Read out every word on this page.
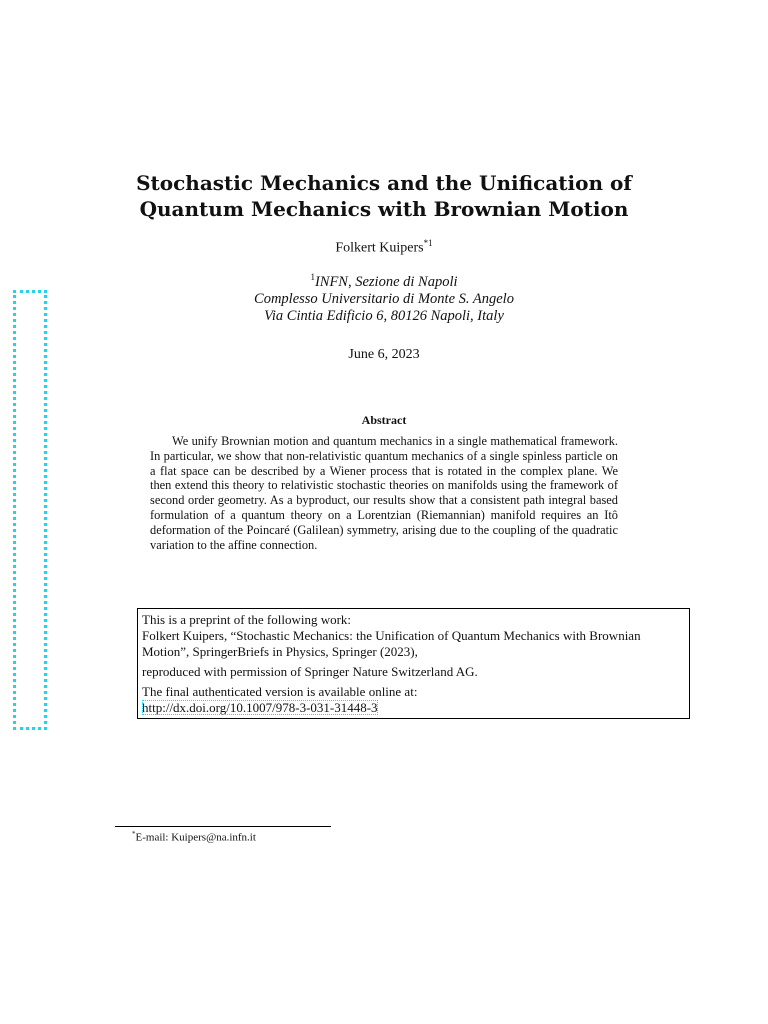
Stochastic Mechanics and the Unification of
Quantum Mechanics with Brownian Motion
Folkert Kuipers$^{*1}$
$^1$INFN, Sezione di Napoli
Complesso Universitario di Monte S. Angelo
Via Cintia Edificio 6, 80126 Napoli, Italy
June 6, 2023
Abstract
We unify Brownian motion and quantum mechanics in a single mathematical framework. In particular, we show that non-relativistic quantum mechanics of a single spinless particle on a flat space can be described by a Wiener process that is rotated in the complex plane. We then extend this theory to relativistic stochastic theories on manifolds using the framework of second order geometry. As a byproduct, our results show that a consistent path integral based formulation of a quantum theory on a Lorentzian (Riemannian) manifold requires an Itô deformation of the Poincaré (Galilean) symmetry, arising due to the coupling of the quadratic variation to the affine connection.

This is a preprint of the following work:

Folkert Kuipers, “Stochastic Mechanics: the Unification of Quantum Mechanics with Brownian Motion”, SpringerBriefs in Physics, Springer (2023),

reproduced with permission of Springer Nature Switzerland AG.

The final authenticated version is available online at:

http://dx.doi.org/10.1007/978-3-031-31448-3

*E-mail: Kuipers@na.infn.it
